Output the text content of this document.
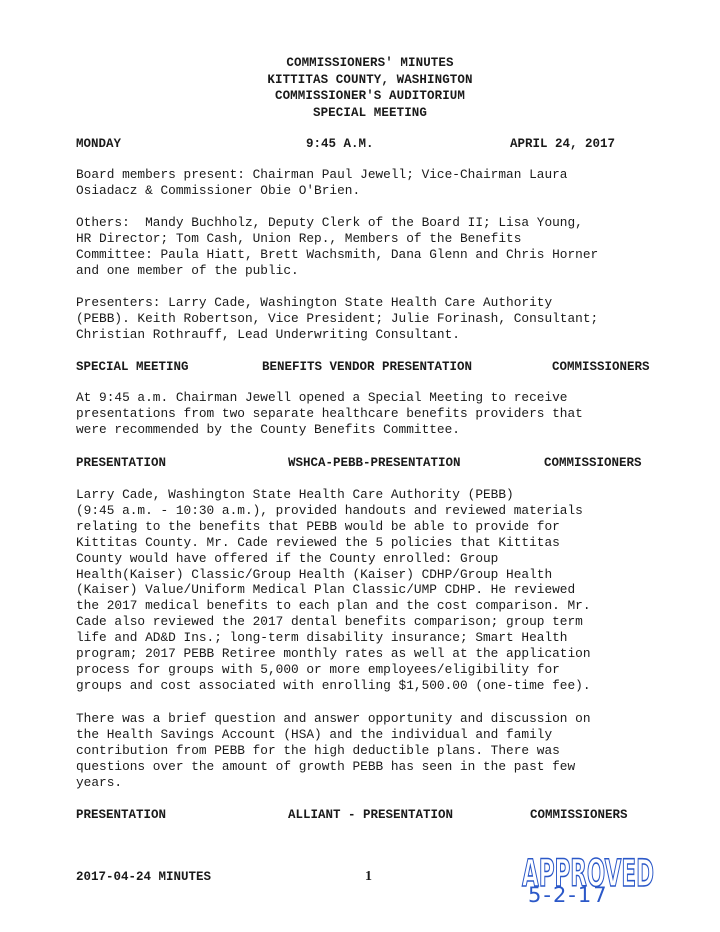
COMMISSIONERS' MINUTES
KITTITAS COUNTY, WASHINGTON
COMMISSIONER'S AUDITORIUM
SPECIAL MEETING
MONDAY	9:45 A.M.	APRIL 24, 2017
Board members present: Chairman Paul Jewell; Vice-Chairman Laura
Osiadacz & Commissioner Obie O'Brien.
Others:  Mandy Buchholz, Deputy Clerk of the Board II; Lisa Young,
HR Director; Tom Cash, Union Rep., Members of the Benefits
Committee: Paula Hiatt, Brett Wachsmith, Dana Glenn and Chris Horner
and one member of the public.
Presenters: Larry Cade, Washington State Health Care Authority
(PEBB). Keith Robertson, Vice President; Julie Forinash, Consultant;
Christian Rothrauff, Lead Underwriting Consultant.
SPECIAL MEETING	BENEFITS VENDOR PRESENTATION	COMMISSIONERS
At 9:45 a.m. Chairman Jewell opened a Special Meeting to receive
presentations from two separate healthcare benefits providers that
were recommended by the County Benefits Committee.
PRESENTATION	WSHCA-PEBB-PRESENTATION	COMMISSIONERS
Larry Cade, Washington State Health Care Authority (PEBB)
(9:45 a.m. - 10:30 a.m.), provided handouts and reviewed materials
relating to the benefits that PEBB would be able to provide for
Kittitas County. Mr. Cade reviewed the 5 policies that Kittitas
County would have offered if the County enrolled: Group
Health(Kaiser) Classic/Group Health (Kaiser) CDHP/Group Health
(Kaiser) Value/Uniform Medical Plan Classic/UMP CDHP. He reviewed
the 2017 medical benefits to each plan and the cost comparison. Mr.
Cade also reviewed the 2017 dental benefits comparison; group term
life and AD&D Ins.; long-term disability insurance; Smart Health
program; 2017 PEBB Retiree monthly rates as well at the application
process for groups with 5,000 or more employees/eligibility for
groups and cost associated with enrolling $1,500.00 (one-time fee).
There was a brief question and answer opportunity and discussion on
the Health Savings Account (HSA) and the individual and family
contribution from PEBB for the high deductible plans. There was
questions over the amount of growth PEBB has seen in the past few
years.
PRESENTATION	ALLIANT - PRESENTATION	COMMISSIONERS
2017-04-24 MINUTES	1	APPROVED
5-2-17
